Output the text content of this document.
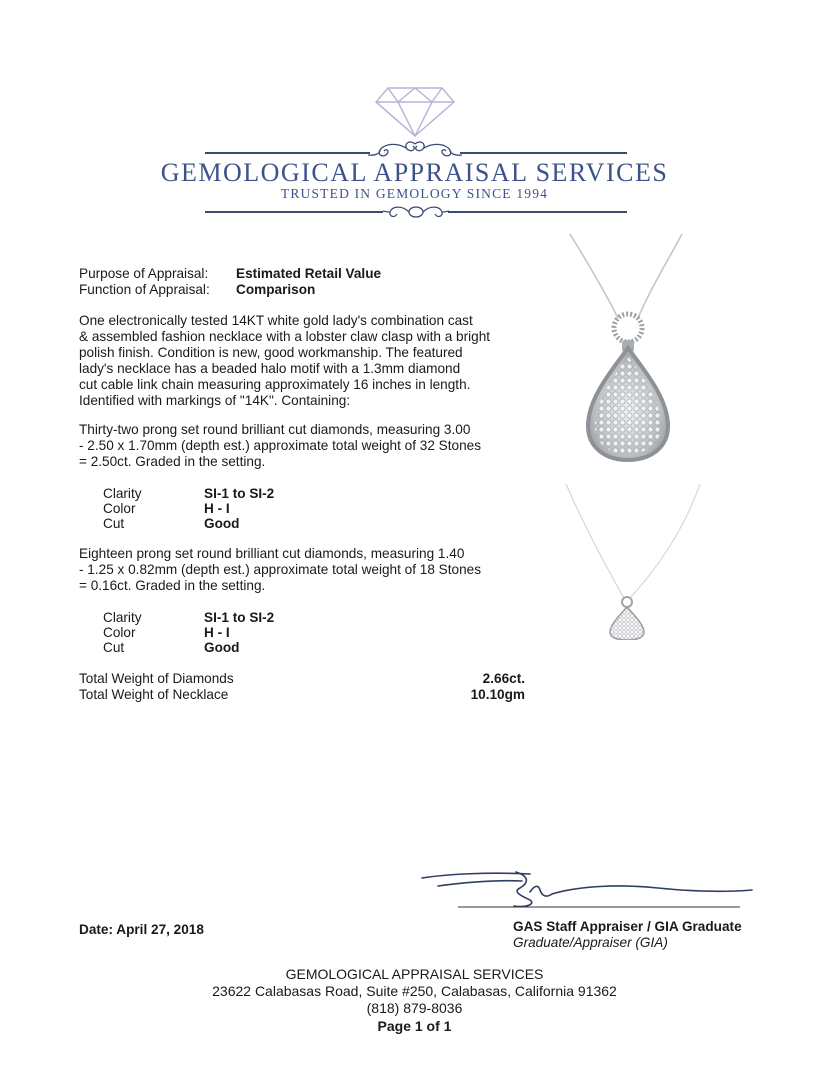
GEMOLOGICAL APPRAISAL SERVICES
TRUSTED IN GEMOLOGY SINCE 1994
Purpose of Appraisal: Estimated Retail Value
Function of Appraisal: Comparison
One electronically tested 14KT white gold lady's combination cast
& assembled fashion necklace with a lobster claw clasp with a bright
polish finish. Condition is new, good workmanship. The featured
lady's necklace has a beaded halo motif with a 1.3mm diamond
cut cable link chain measuring approximately 16 inches in length.
Identified with markings of "14K". Containing:
Thirty-two prong set round brilliant cut diamonds, measuring 3.00
- 2.50 x 1.70mm (depth est.) approximate total weight of 32 Stones
= 2.50ct. Graded in the setting.
Clarity	SI-1 to SI-2
Color	H - I
Cut	Good
Eighteen prong set round brilliant cut diamonds, measuring 1.40
- 1.25 x 0.82mm (depth est.) approximate total weight of 18 Stones
= 0.16ct. Graded in the setting.
Clarity	SI-1 to SI-2
Color	H - I
Cut	Good
Total Weight of Diamonds	2.66ct.
Total Weight of Necklace	10.10gm
Date: April 27, 2018	GAS Staff Appraiser / GIA Graduate
Graduate/Appraiser (GIA)
GEMOLOGICAL APPRAISAL SERVICES
23622 Calabasas Road, Suite #250, Calabasas, California 91362
(818) 879-8036
Page 1 of 1
